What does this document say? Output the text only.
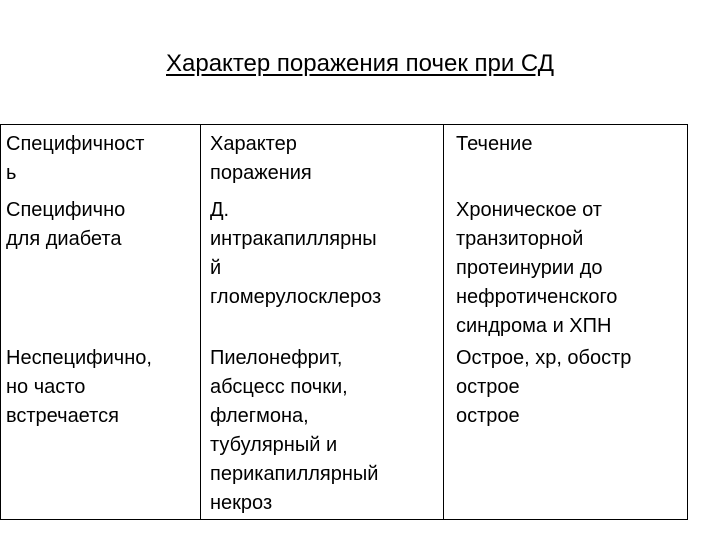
Характер поражения почек при СД
Специфичност
ь
Характер
поражения
Течение
Специфично
для диабета
Д.
интракапиллярны
й
гломерулосклероз
Хроническое от
транзиторной
протеинурии до
нефротиченского
синдрома и ХПН
Неспецифично,
но часто
встречается
Пиелонефрит,
абсцесс почки,
флегмона,
тубулярный и
перикапиллярный
некроз
Острое, хр, обостр
острое
острое
